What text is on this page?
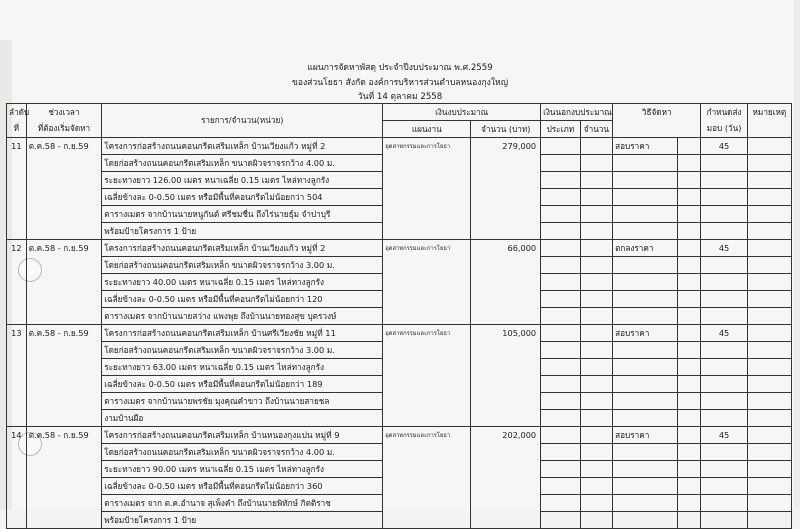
แผนการจัดหาพัสดุ ประจำปีงบประมาณ พ.ศ.2559
ของส่วนโยธา สังกัด องค์การบริหารส่วนตำบลหนองกุงใหญ่
วันที่ 14 ตุลาคม 2558
ลำดับ	ช่วงเวลา	รายการ/จำนวน(หน่วย)	เงินงบประมาณ		เงินนอกงบประมาณ		วิธีจัดหา		กำหนดส่ง	หมายเหตุ
ที่	ที่ต้องเริ่มจัดหา		แผนงาน	จำนวน (บาท)	ประเภท	จำนวน			มอบ (วัน)	
11	ต.ค.58 - ก.ย.59	โครงการก่อสร้างถนนคอนกรีตเสริมเหล็ก บ้านเวียงแก้ว หมู่ที่ 2	อุตสาหกรรมและการโยธา	279,000			สอบราคา		45	
		โดยก่อสร้างถนนคอนกรีตเสริมเหล็ก ขนาดผิวจราจรกว้าง 4.00 ม.								
		ระยะทางยาว 126.00 เมตร หนาเฉลี่ย 0.15 เมตร ไหล่ทางลูกรัง								
		เฉลี่ยข้างละ 0-0.50 เมตร หรือมีพื้นที่คอนกรีตไม่น้อยกว่า 504								
		ตารางเมตร จากบ้านนายหนูกันต์ ศรีชมชื่น ถึงไร่นายธุ์ม จำปาบุรี								
		พร้อมป้ายโครงการ 1 ป้าย								
12	ต.ค.58 - ก.ย.59	โครงการก่อสร้างถนนคอนกรีตเสริมเหล็ก บ้านเวียงแก้ว หมู่ที่ 2	อุตสาหกรรมและการโยธา	66,000			ตกลงราคา		45	
		โดยก่อสร้างถนนคอนกรีตเสริมเหล็ก ขนาดผิวจราจรกว้าง 3.00 ม.								
		ระยะทางยาว 40.00 เมตร หนาเฉลี่ย 0.15 เมตร ไหล่ทางลูกรัง								
		เฉลี่ยข้างละ 0-0.50 เมตร หรือมีพื้นที่คอนกรีตไม่น้อยกว่า 120								
		ตารางเมตร จากบ้านนายสว่าง แพงพุย ถึงบ้านนายทองสุข บุตรวงษ์								
13	ต.ค.58 - ก.ย.59	โครงการก่อสร้างถนนคอนกรีตเสริมเหล็ก บ้านศรีเวียงชัย หมู่ที่ 11	อุตสาหกรรมและการโยธา	105,000			สอบราคา		45	
		โดยก่อสร้างถนนคอนกรีตเสริมเหล็ก ขนาดผิวจราจรกว้าง 3.00 ม.								
		ระยะทางยาว 63.00 เมตร หนาเฉลี่ย 0.15 เมตร ไหล่ทางลูกรัง								
		เฉลี่ยข้างละ 0-0.50 เมตร หรือมีพื้นที่คอนกรีตไม่น้อยกว่า 189								
		ตารางเมตร จากบ้านนายพรชัย มุงคุณคำขาว ถึงบ้านนายสายชล								
		งามบ้านผือ								
14	ต.ค.58 - ก.ย.59	โครงการก่อสร้างถนนคอนกรีตเสริมเหล็ก บ้านหนองกุงแปน หมู่ที่ 9	อุตสาหกรรมและการโยธา	202,000			สอบราคา		45	
		โดยก่อสร้างถนนคอนกรีตเสริมเหล็ก ขนาดผิวจราจรกว้าง 4.00 ม.								
		ระยะทางยาว 90.00 เมตร หนาเฉลี่ย 0.15 เมตร ไหล่ทางลูกรัง								
		เฉลี่ยข้างละ 0-0.50 เมตร หรือมีพื้นที่คอนกรีตไม่น้อยกว่า 360								
		ตารางเมตร จาก ต.ค.อำนาจ สุเพ็งคำ ถึงบ้านนายพิทักษ์ กิตติราช								
		พร้อมป้ายโครงการ 1 ป้าย								
